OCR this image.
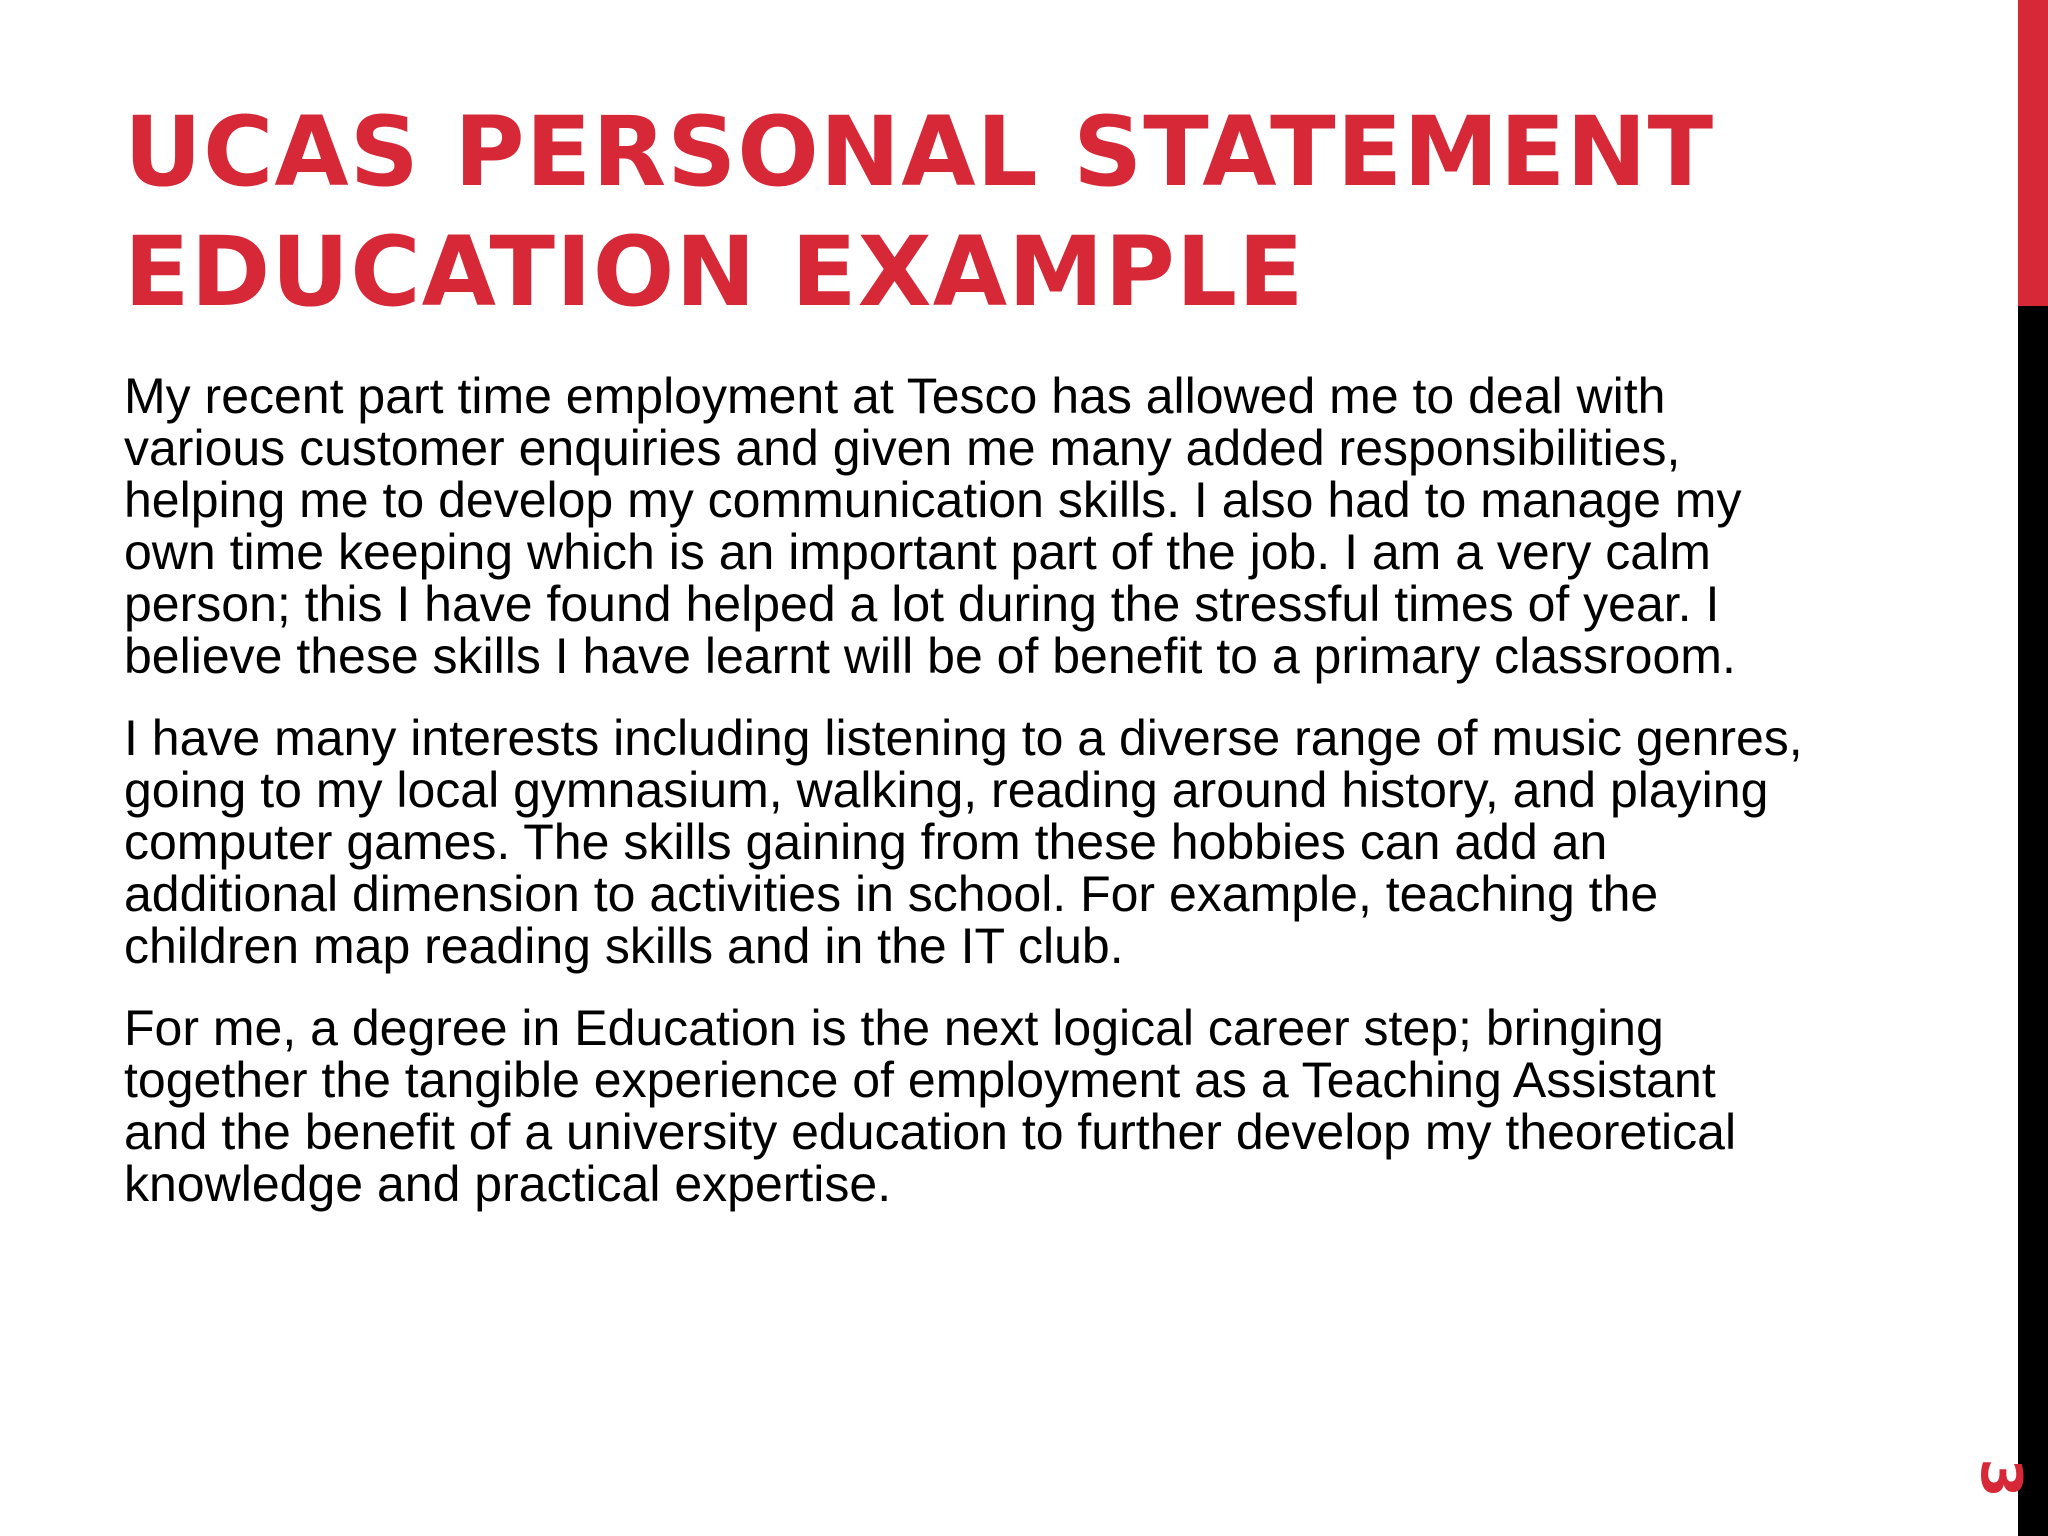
UCAS PERSONAL STATEMENT
EDUCATION EXAMPLE

My recent part time employment at Tesco has allowed me to deal with various customer enquiries and given me many added responsibilities, helping me to develop my communication skills. I also had to manage my own time keeping which is an important part of the job. I am a very calm person; this I have found helped a lot during the stressful times of year. I believe these skills I have learnt will be of benefit to a primary classroom.

I have many interests including listening to a diverse range of music genres, going to my local gymnasium, walking, reading around history, and playing computer games. The skills gaining from these hobbies can add an additional dimension to activities in school. For example, teaching the children map reading skills and in the IT club.

For me, a degree in Education is the next logical career step; bringing together the tangible experience of employment as a Teaching Assistant and the benefit of a university education to further develop my theoretical knowledge and practical expertise.

3
